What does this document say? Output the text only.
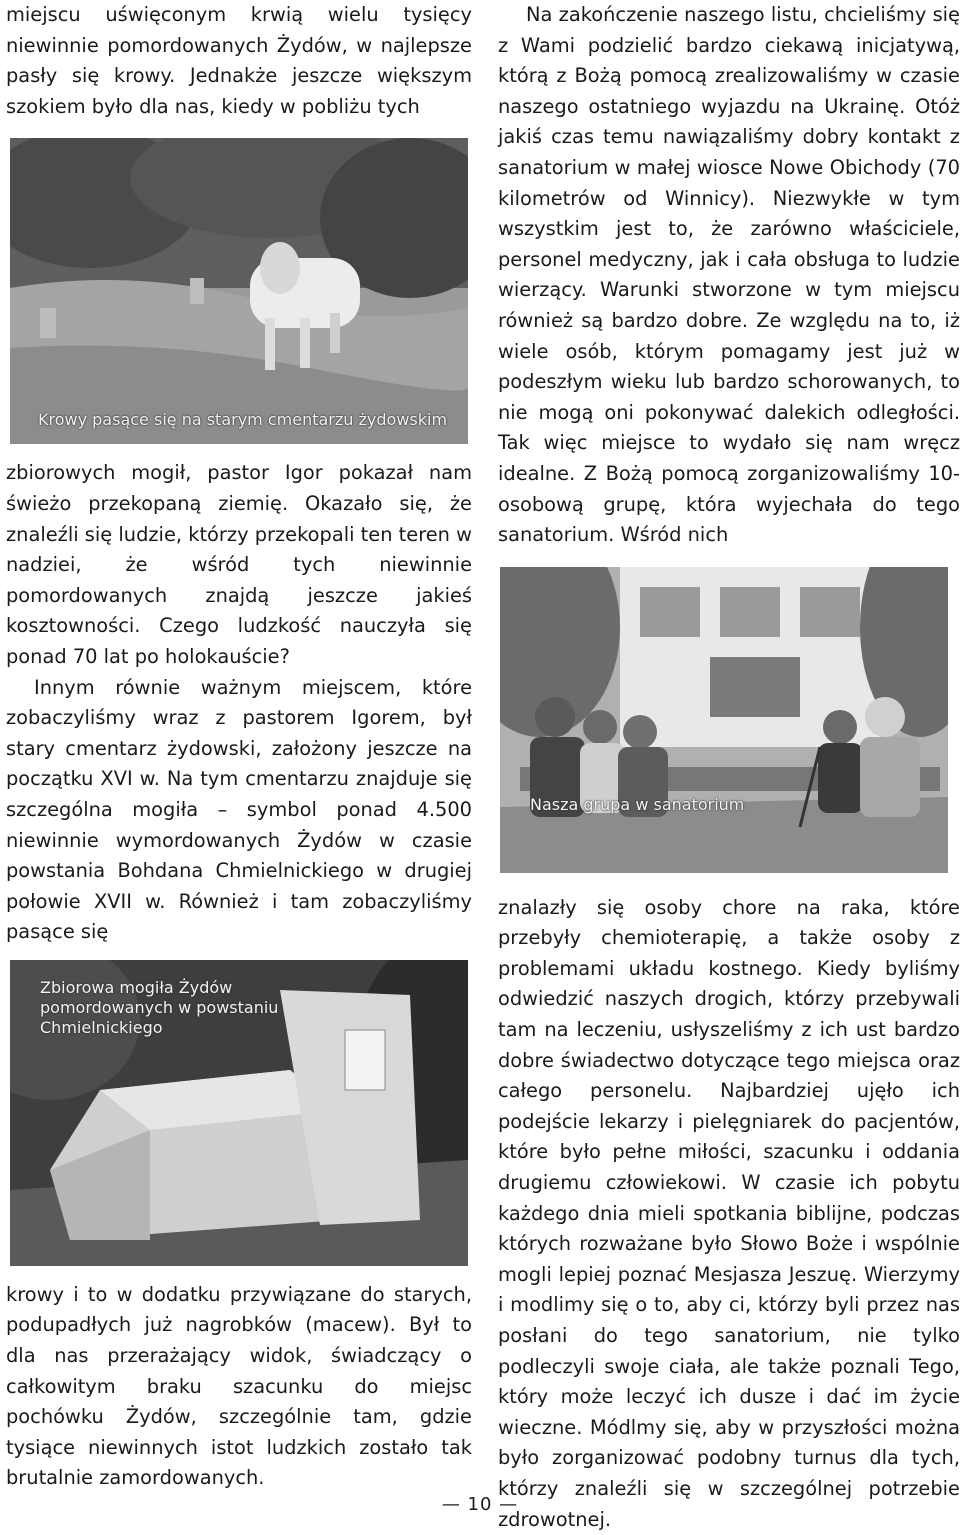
miejscu uświęconym krwią wielu tysięcy niewinnie pomordowanych Żydów, w najlepsze pasły się krowy. Jednakże jeszcze większym szokiem było dla nas, kiedy w pobliżu tych

Krowy pasące się na starym cmentarzu żydowskim

zbiorowych mogił, pastor Igor pokazał nam świeżo przekopaną ziemię. Okazało się, że znaleźli się ludzie, którzy przekopali ten teren w nadziei, że wśród tych niewinnie pomordowanych znajdą jeszcze jakieś kosztowności. Czego ludzkość nauczyła się ponad 70 lat po holokauście?

Innym równie ważnym miejscem, które zobaczyliśmy wraz z pastorem Igorem, był stary cmentarz żydowski, założony jeszcze na początku XVI w. Na tym cmentarzu znajduje się szczególna mogiła – symbol ponad 4.500 niewinnie wymordowanych Żydów w czasie powstania Bohdana Chmielnickiego w drugiej połowie XVII w. Również i tam zobaczyliśmy pasące się

Zbiorowa mogiła Żydów pomordowanych w powstaniu Chmielnickiego

krowy i to w dodatku przywiązane do starych, podupadłych już nagrobków (macew). Był to dla nas przerażający widok, świadczący o całkowitym braku szacunku do miejsc pochówku Żydów, szczególnie tam, gdzie tysiące niewinnych istot ludzkich zostało tak brutalnie zamordowanych.

Na zakończenie naszego listu, chcieliśmy się z Wami podzielić bardzo ciekawą inicjatywą, którą z Bożą pomocą zrealizowaliśmy w czasie naszego ostatniego wyjazdu na Ukrainę. Otóż jakiś czas temu nawiązaliśmy dobry kontakt z sanatorium w małej wiosce Nowe Obichody (70 kilometrów od Winnicy). Niezwykłe w tym wszystkim jest to, że zarówno właściciele, personel medyczny, jak i cała obsługa to ludzie wierzący. Warunki stworzone w tym miejscu również są bardzo dobre. Ze względu na to, iż wiele osób, którym pomagamy jest już w podeszłym wieku lub bardzo schorowanych, to nie mogą oni pokonywać dalekich odległości. Tak więc miejsce to wydało się nam wręcz idealne. Z Bożą pomocą zorganizowaliśmy 10-osobową grupę, która wyjechała do tego sanatorium. Wśród nich

Nasza grupa w sanatorium

znalazły się osoby chore na raka, które przebyły chemioterapię, a także osoby z problemami układu kostnego. Kiedy byliśmy odwiedzić naszych drogich, którzy przebywali tam na leczeniu, usłyszeliśmy z ich ust bardzo dobre świadectwo dotyczące tego miejsca oraz całego personelu. Najbardziej ujęło ich podejście lekarzy i pielęgniarek do pacjentów, które było pełne miłości, szacunku i oddania drugiemu człowiekowi. W czasie ich pobytu każdego dnia mieli spotkania biblijne, podczas których rozważane było Słowo Boże i wspólnie mogli lepiej poznać Mesjasza Jeszuę. Wierzymy i modlimy się o to, aby ci, którzy byli przez nas posłani do tego sanatorium, nie tylko podleczyli swoje ciała, ale także poznali Tego, który może leczyć ich dusze i dać im życie wieczne. Módlmy się, aby w przyszłości można było zorganizować podobny turnus dla tych, którzy znaleźli się w szczególnej potrzebie zdrowotnej.

— 10 —
